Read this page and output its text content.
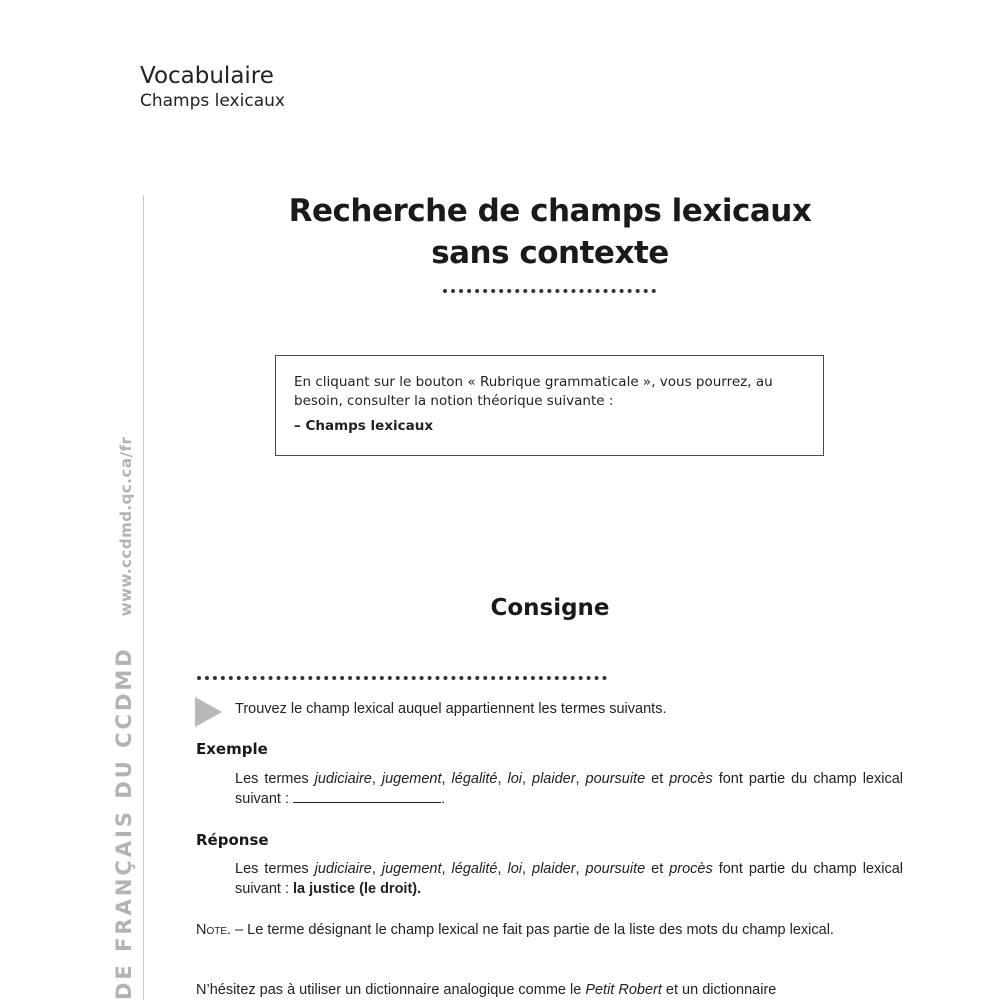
Vocabulaire
Champs lexicaux
DE FRANÇAIS DU CCDMDwww.ccdmd.qc.ca/fr
Recherche de champs lexicaux
sans contexte
En cliquant sur le bouton « Rubrique grammaticale », vous pourrez, au besoin, consulter la notion théorique suivante :
– Champs lexicaux
Consigne
Trouvez le champ lexical auquel appartiennent les termes suivants.
Exemple
Les termes judiciaire, jugement, légalité, loi, plaider, poursuite et procès font partie du champ lexical suivant :	.
Réponse
Les termes judiciaire, jugement, légalité, loi, plaider, poursuite et procès font partie du champ lexical suivant : la justice (le droit).
Note. – Le terme désignant le champ lexical ne fait pas partie de la liste des mots du champ lexical.
N’hésitez pas à utiliser un dictionnaire analogique comme le Petit Robert et un dictionnaire
